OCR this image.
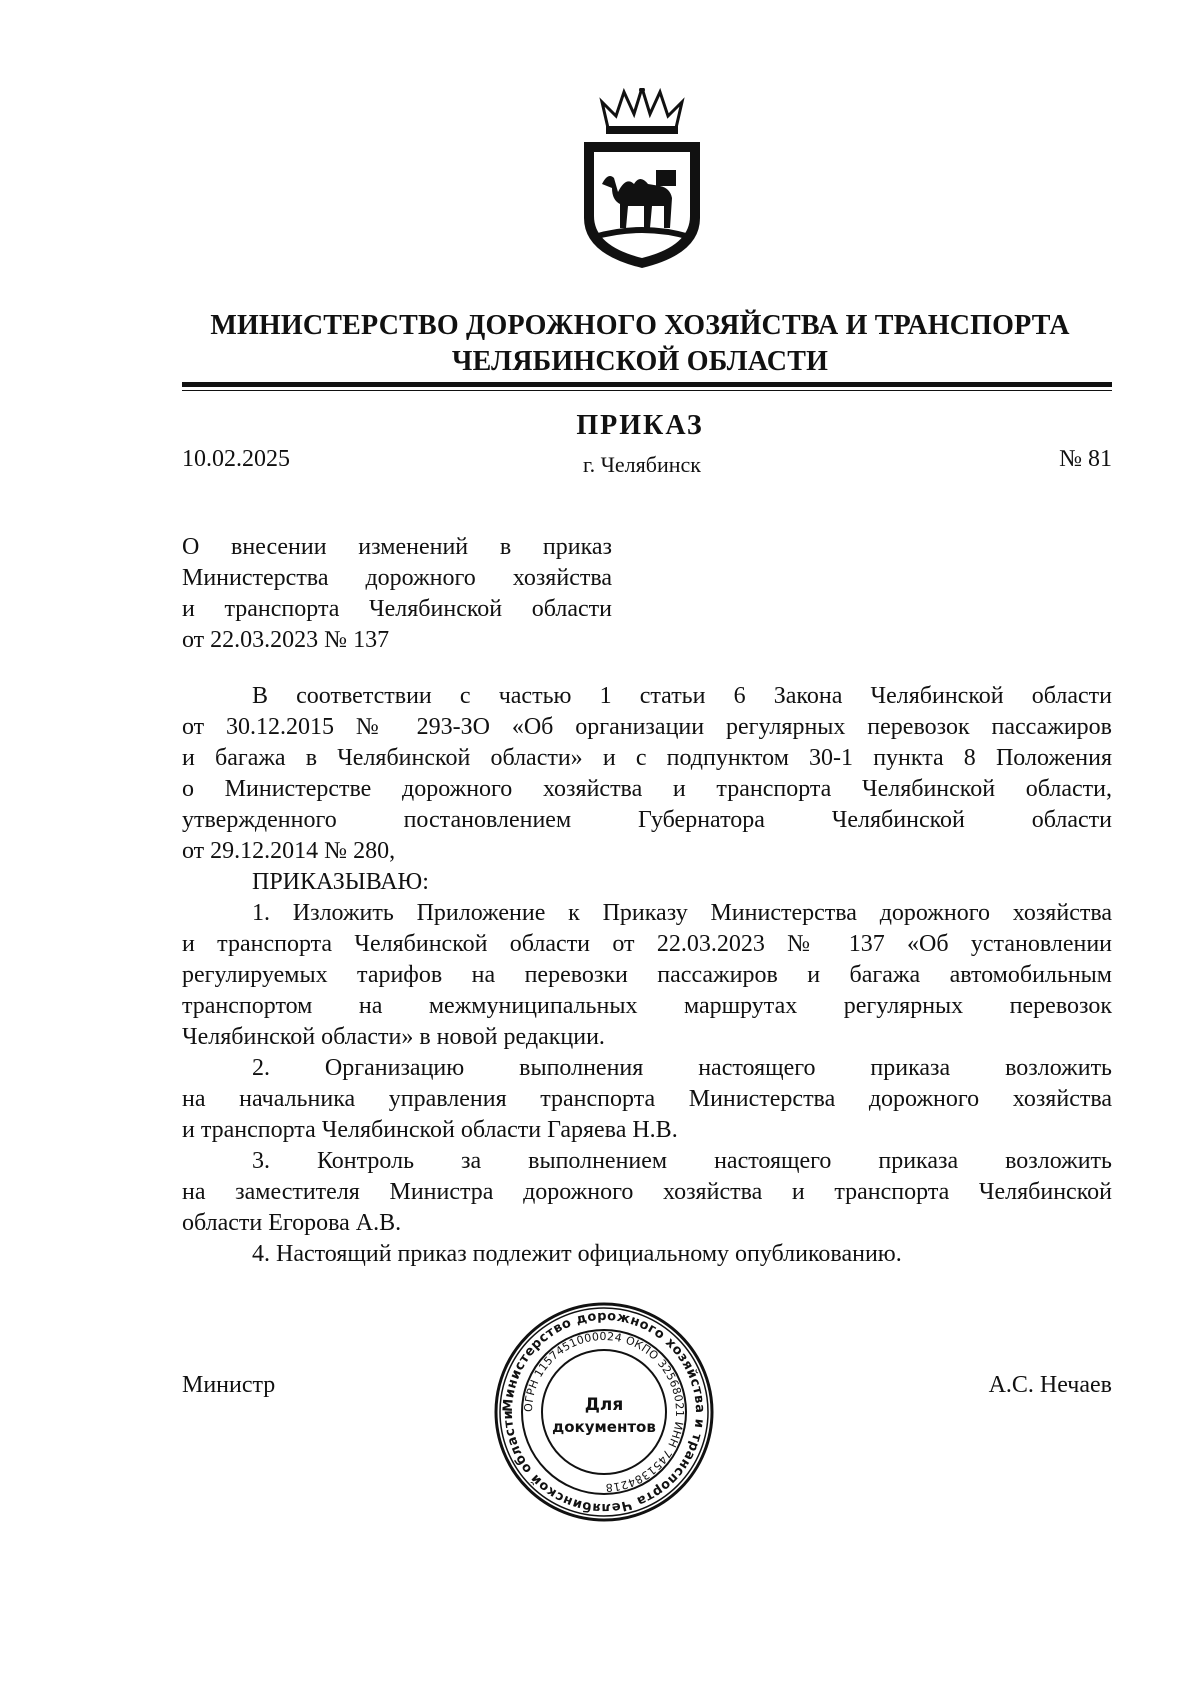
МИНИСТЕРСТВО ДОРОЖНОГО ХОЗЯЙСТВА И ТРАНСПОРТА
ЧЕЛЯБИНСКОЙ ОБЛАСТИ
ПРИКАЗ
10.02.2025	г. Челябинск	№ 81

О внесении изменений в приказ

Министерства дорожного хозяйства

и транспорта Челябинской области

от 22.03.2023 № 137

В соответствии с частью 1 статьи 6 Закона Челябинской области
от 30.12.2015 № 293-ЗО «Об организации регулярных перевозок пассажиров
и багажа в Челябинской области» и с подпунктом 30-1 пункта 8 Положения
о Министерстве дорожного хозяйства и транспорта Челябинской области,
утвержденного постановлением Губернатора Челябинской области
от 29.12.2014 № 280,
ПРИКАЗЫВАЮ:
1. Изложить Приложение к Приказу Министерства дорожного хозяйства
и транспорта Челябинской области от 22.03.2023 № 137 «Об установлении
регулируемых тарифов на перевозки пассажиров и багажа автомобильным
транспортом на межмуниципальных маршрутах регулярных перевозок
Челябинской области» в новой редакции.
2. Организацию выполнения настоящего приказа возложить
на начальника управления транспорта Министерства дорожного хозяйства
и транспорта Челябинской области Гаряева Н.В.
3. Контроль за выполнением настоящего приказа возложить
на заместителя Министра дорожного хозяйства и транспорта Челябинской
области Егорова А.В.
4. Настоящий приказ подлежит официальному опубликованию.
Министр	А.С. Нечаев
Министерство дорожного хозяйства и транспорта Челябинской области
ОГРН 1157451000024 ОКПО 32568021 ИНН 7451384218
Для
документов
